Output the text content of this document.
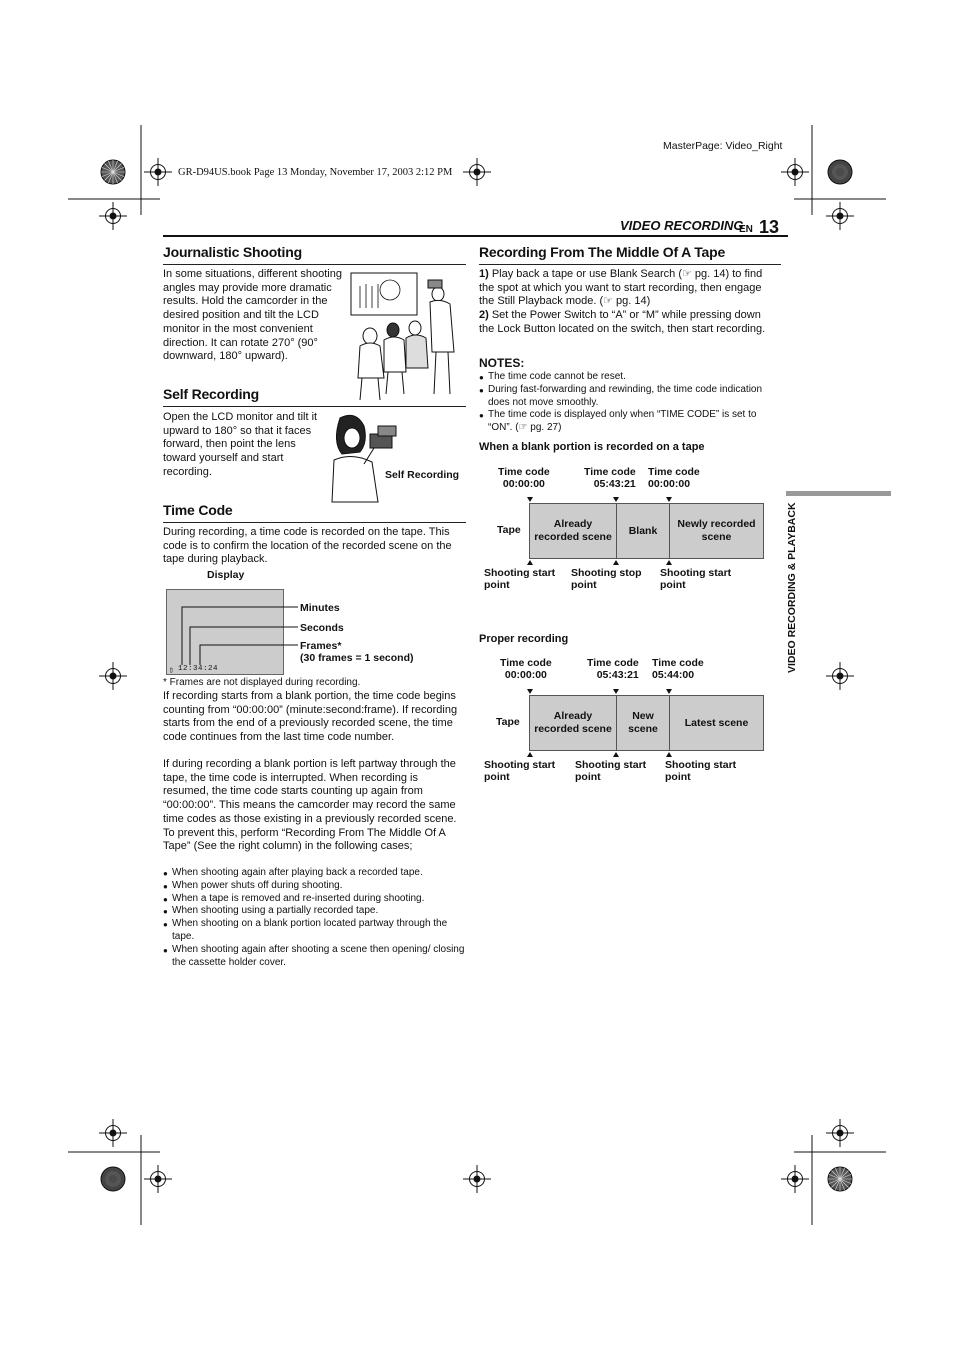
MasterPage: Video_Right
GR-D94US.book Page 13 Monday, November 17, 2003 2:12 PM
VIDEO RECORDING
EN 13
VIDEO RECORDING & PLAYBACK
Journalistic Shooting
In some situations, different shooting angles may provide more dramatic results. Hold the camcorder in the desired position and tilt the LCD monitor in the most convenient direction. It can rotate 270° (90° downward, 180° upward).
Self Recording
Open the LCD monitor and tilt it upward to 180° so that it faces forward, then point the lens toward yourself and start recording.	Self Recording
Time Code
During recording, a time code is recorded on the tape. This code is to confirm the location of the recorded scene on the tape during playback.
Display
▯ 12:34:24
Minutes
Seconds
Frames*
(30 frames = 1 second)
* Frames are not displayed during recording.
If recording starts from a blank portion, the time code begins counting from “00:00:00” (minute:second:frame). If recording starts from the end of a previously recorded scene, the time code continues from the last time code number.
If during recording a blank portion is left partway through the tape, the time code is interrupted. When recording is resumed, the time code starts counting up again from “00:00:00”. This means the camcorder may record the same time codes as those existing in a previously recorded scene. To prevent this, perform “Recording From The Middle Of A Tape” (See the right column) in the following cases;
● When shooting again after playing back a recorded tape.
● When power shuts off during shooting.
● When a tape is removed and re-inserted during shooting.
● When shooting using a partially recorded tape.
● When shooting on a blank portion located partway through the tape.
● When shooting again after shooting a scene then opening/ closing the cassette holder cover.
Recording From The Middle Of A Tape
1) Play back a tape or use Blank Search (☞ pg. 14) to find the spot at which you want to start recording, then engage the Still Playback mode. (☞ pg. 14)
2) Set the Power Switch to “A” or “M” while pressing down the Lock Button located on the switch, then start recording.
NOTES:
● The time code cannot be reset.
● During fast-forwarding and rewinding, the time code indication does not move smoothly.
● The time code is displayed only when “TIME CODE” is set to “ON”. (☞ pg. 27)
When a blank portion is recorded on a tape
Time code
00:00:00
Time code
05:43:21
Time code
00:00:00
Tape	Already recorded scene
Blank
Newly recorded scene
Shooting start
point
Shooting stop
point
Shooting start
point
Proper recording
Time code
00:00:00
Time code
05:43:21
Time code
05:44:00
Tape	Already recorded scene
New scene
Latest scene
Shooting start
point
Shooting start
point
Shooting start
point
